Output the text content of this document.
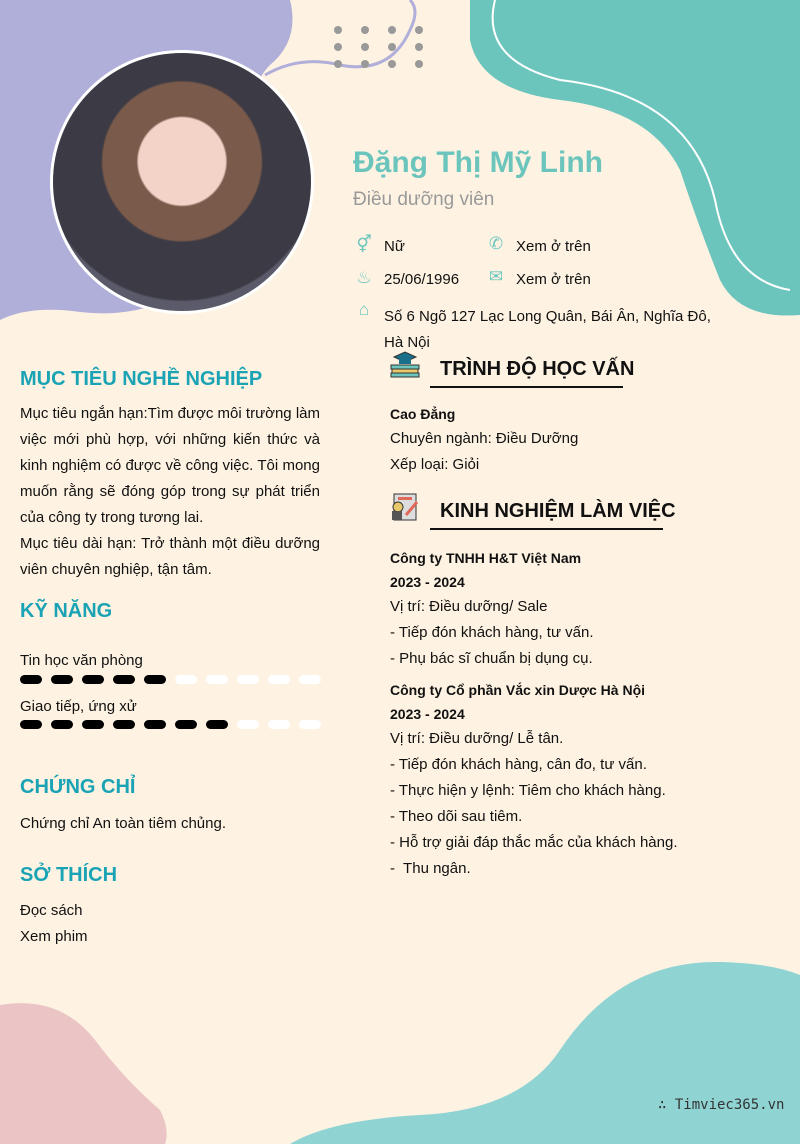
Đặng Thị Mỹ Linh
Điều dưỡng viên
⚥ Nữ	✆ Xem ở trên
♨ 25/06/1996 ✉ Xem ở trên
⌂ Số 6 Ngõ 127 Lạc Long Quân, Bái Ân, Nghĩa Đô,
Hà Nội
MỤC TIÊU NGHỀ NGHIỆP
Mục tiêu ngắn hạn:Tìm được môi trường làm việc mới phù hợp, với những kiến thức và kinh nghiệm có được về công việc. Tôi mong muốn rằng sẽ đóng góp trong sự phát triển của công ty trong tương lai.
Mục tiêu dài hạn: Trở thành một điều dưỡng viên chuyên nghiệp, tận tâm.
KỸ NĂNG
Tin học văn phòng
Giao tiếp, ứng xử
CHỨNG CHỈ
Chứng chỉ An toàn tiêm chủng.
SỞ THÍCH
Đọc sách
Xem phim
TRÌNH ĐỘ HỌC VẤN
Cao Đẳng
Chuyên ngành: Điều Dưỡng
Xếp loại: Giỏi
KINH NGHIỆM LÀM VIỆC
Công ty TNHH H&T Việt Nam
2023 - 2024
Vị trí: Điều dưỡng/ Sale
- Tiếp đón khách hàng, tư vấn.
- Phụ bác sĩ chuẩn bị dụng cụ.
Công ty Cổ phần Vắc xin Dược Hà Nội
2023 - 2024
Vị trí: Điều dưỡng/ Lễ tân.
- Tiếp đón khách hàng, cân đo, tư vấn.
- Thực hiện y lệnh: Tiêm cho khách hàng.
- Theo dõi sau tiêm.
- Hỗ trợ giải đáp thắc mắc của khách hàng.
-  Thu ngân.
∴ Timviec365.vn
